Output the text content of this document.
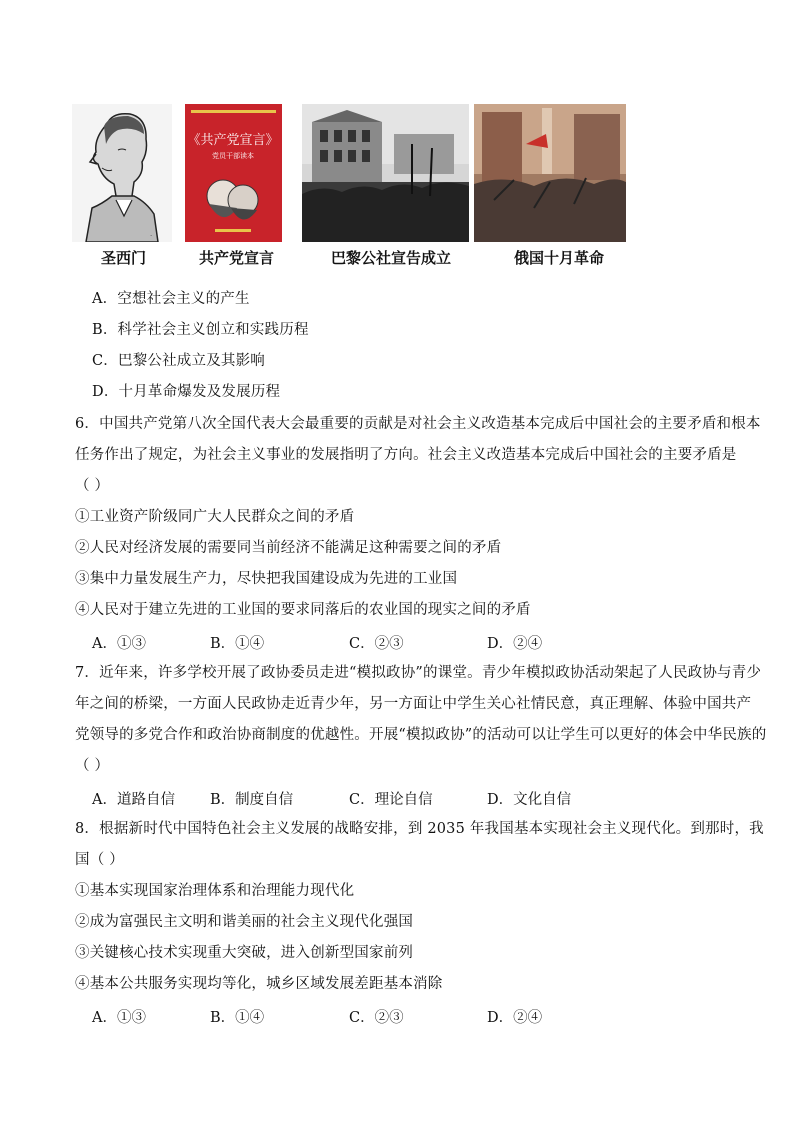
·
《共产党宣言》
党员干部读本
圣西门	共产党宣言	巴黎公社宣告成立	俄国十月革命
A．空想社会主义的产生
B．科学社会主义创立和实践历程
C．巴黎公社成立及其影响
D．十月革命爆发及发展历程
6．中国共产党第八次全国代表大会最重要的贡献是对社会主义改造基本完成后中国社会的主要矛盾和根本
任务作出了规定，为社会主义事业的发展指明了方向。社会主义改造基本完成后中国社会的主要矛盾是
（ ）
①工业资产阶级同广大人民群众之间的矛盾
②人民对经济发展的需要同当前经济不能满足这种需要之间的矛盾
③集中力量发展生产力，尽快把我国建设成为先进的工业国
④人民对于建立先进的工业国的要求同落后的农业国的现实之间的矛盾
A．①③	B．①④	C．②③	D．②④
7．近年来，许多学校开展了政协委员走进“模拟政协”的课堂。青少年模拟政协活动架起了人民政协与青少
年之间的桥梁，一方面人民政协走近青少年，另一方面让中学生关心社情民意，真正理解、体验中国共产
党领导的多党合作和政治协商制度的优越性。开展“模拟政协”的活动可以让学生可以更好的体会中华民族的
（ ）
A．道路自信 B．制度自信	C．理论自信	D．文化自信
8．根据新时代中国特色社会主义发展的战略安排，到 2035 年我国基本实现社会主义现代化。到那时，我
国（ ）
①基本实现国家治理体系和治理能力现代化
②成为富强民主文明和谐美丽的社会主义现代化强国
③关键核心技术实现重大突破，进入创新型国家前列
④基本公共服务实现均等化，城乡区域发展差距基本消除
A．①③	B．①④	C．②③	D．②④
